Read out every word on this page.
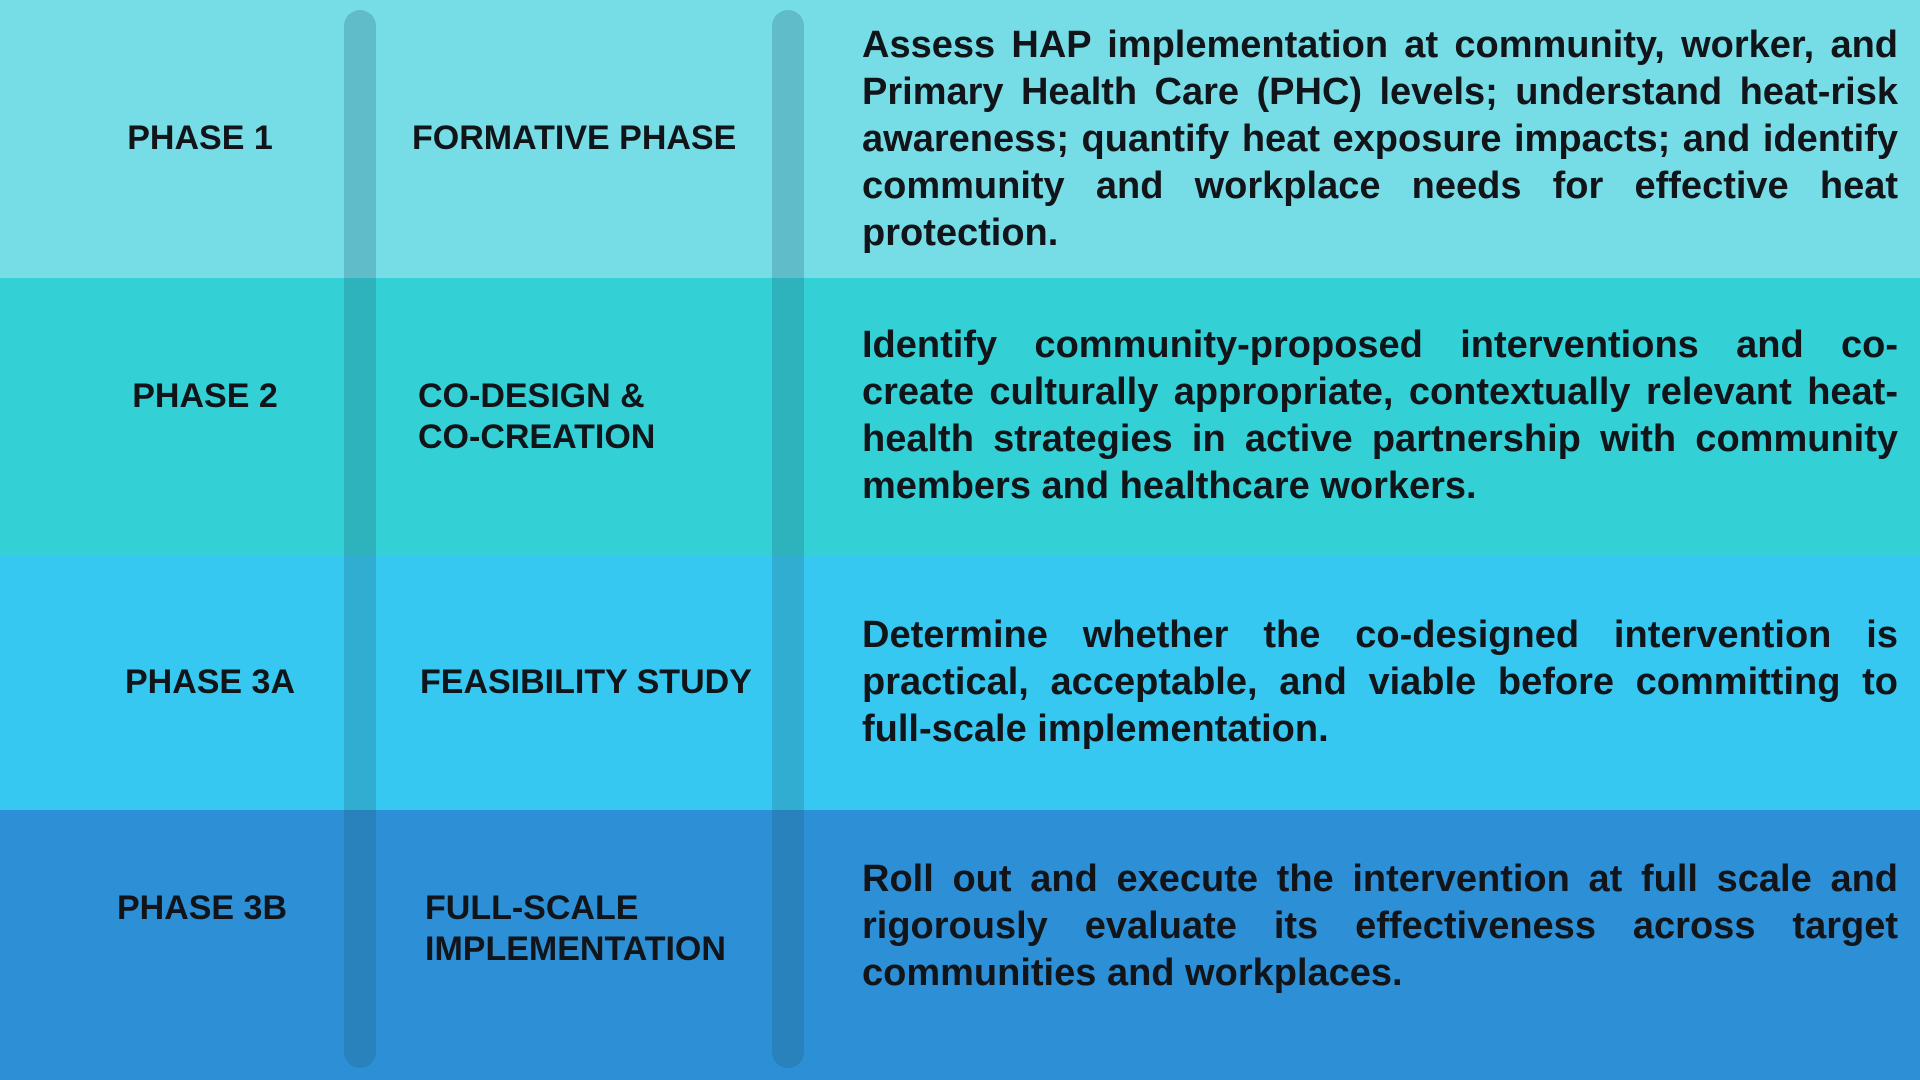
PHASE 1	FORMATIVE PHASE
Assess HAP implementation at community, worker, and Primary Health Care (PHC) levels; understand heat-risk awareness; quantify heat exposure impacts; and identify community and workplace needs for effective heat protection.
PHASE 2	CO-DESIGN &
CO-CREATION
Identify community-proposed interventions and co-create culturally appropriate, contextually relevant heat-health strategies in active partnership with community members and healthcare workers.
PHASE 3A	FEASIBILITY STUDY
Determine whether the co-designed intervention is practical, acceptable, and viable before committing to full-scale implementation.
PHASE 3B	FULL-SCALE
IMPLEMENTATION
Roll out and execute the intervention at full scale and rigorously evaluate its effectiveness across target communities and workplaces.
